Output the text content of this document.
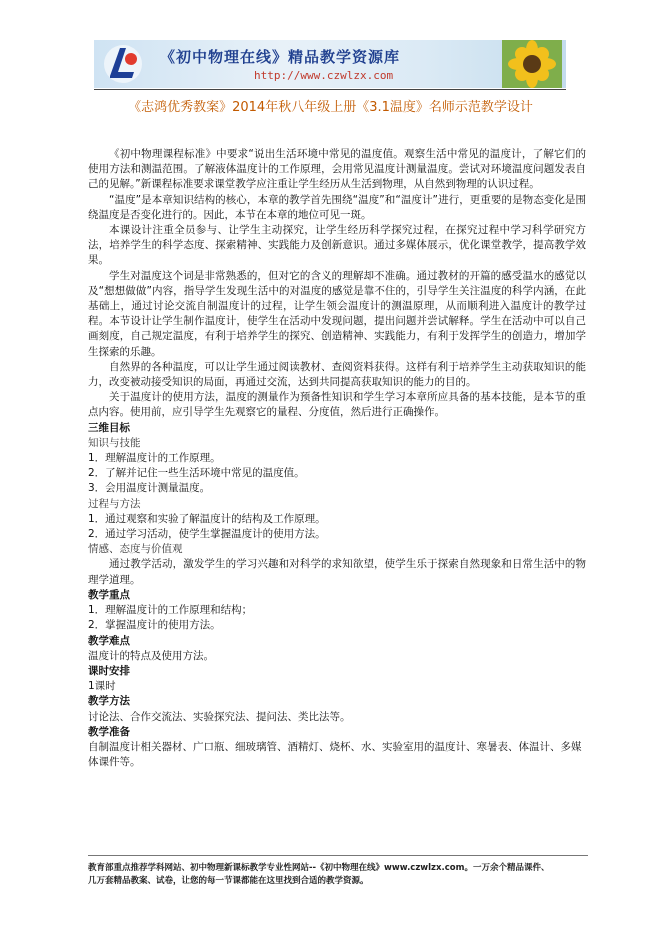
《初中物理在线》精品教学资源库
http://www.czwlzx.com
《志鸿优秀教案》2014年秋八年级上册《3.1温度》名师示范教学设计

《初中物理课程标准》中要求“说出生活环境中常见的温度值。观察生活中常见的温度计，了解它们的使用方法和测温范围。了解液体温度计的工作原理，会用常见温度计测量温度。尝试对环境温度问题发表自己的见解。”新课程标准要求课堂教学应注重让学生经历从生活到物理，从自然到物理的认识过程。

“温度”是本章知识结构的核心，本章的教学首先围绕“温度”和“温度计”进行，更重要的是物态变化是围绕温度是否变化进行的。因此，本节在本章的地位可见一斑。

本课设计注重全员参与、让学生主动探究，让学生经历科学探究过程，在探究过程中学习科学研究方法，培养学生的科学态度、探索精神、实践能力及创新意识。通过多媒体展示，优化课堂教学，提高教学效果。

学生对温度这个词是非常熟悉的，但对它的含义的理解却不准确。通过教材的开篇的感受温水的感觉以及“想想做做”内容，指导学生发现生活中的对温度的感觉是靠不住的，引导学生关注温度的科学内涵，在此基础上，通过讨论交流自制温度计的过程，让学生领会温度计的测温原理，从而顺利进入温度计的教学过程。本节设计让学生制作温度计，使学生在活动中发现问题，提出问题并尝试解释。学生在活动中可以自己画刻度，自己规定温度，有利于培养学生的探究、创造精神、实践能力，有利于发挥学生的创造力，增加学生探索的乐趣。

自然界的各种温度，可以让学生通过阅读教材、查阅资料获得。这样有利于培养学生主动获取知识的能力，改变被动接受知识的局面，再通过交流，达到共同提高获取知识的能力的目的。

关于温度计的使用方法，温度的测量作为预备性知识和学生学习本章所应具备的基本技能，是本节的重点内容。使用前，应引导学生先观察它的量程、分度值，然后进行正确操作。

三维目标
知识与技能
1．理解温度计的工作原理。
2．了解并记住一些生活环境中常见的温度值。
3．会用温度计测量温度。
过程与方法
1．通过观察和实验了解温度计的结构及工作原理。
2．通过学习活动，使学生掌握温度计的使用方法。
情感、态度与价值观

通过教学活动，激发学生的学习兴趣和对科学的求知欲望，使学生乐于探索自然现象和日常生活中的物理学道理。

教学重点
1．理解温度计的工作原理和结构；
2．掌握温度计的使用方法。
教学难点
温度计的特点及使用方法。
课时安排
1课时
教学方法
讨论法、合作交流法、实验探究法、提问法、类比法等。
教学准备
自制温度计相关器材、广口瓶、细玻璃管、酒精灯、烧杯、水、实验室用的温度计、寒暑表、体温计、多媒体课件等。
教育部重点推荐学科网站、初中物理新课标教学专业性网站--《初中物理在线》www.czwlzx.com。一万余个精品课件、
几万套精品教案、试卷，让您的每一节课都能在这里找到合适的教学资源。
